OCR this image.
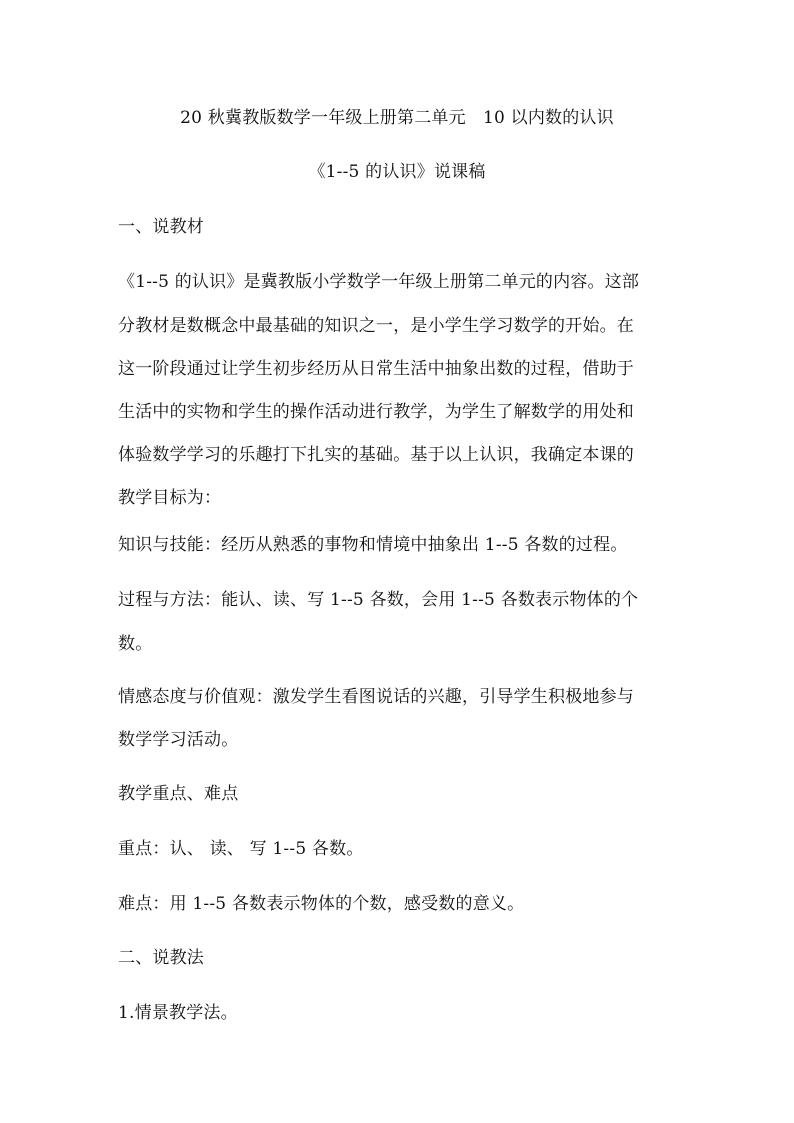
20 秋冀教版数学一年级上册第二单元　10 以内数的认识
《1--5 的认识》说课稿
一、说教材
《1--5 的认识》是冀教版小学数学一年级上册第二单元的内容。这部
分教材是数概念中最基础的知识之一，是小学生学习数学的开始。在
这一阶段通过让学生初步经历从日常生活中抽象出数的过程，借助于
生活中的实物和学生的操作活动进行教学，为学生了解数学的用处和
体验数学学习的乐趣打下扎实的基础。基于以上认识，我确定本课的
教学目标为：
知识与技能：经历从熟悉的事物和情境中抽象出 1--5 各数的过程。
过程与方法：能认、读、写 1--5 各数，会用 1--5 各数表示物体的个
数。
情感态度与价值观：激发学生看图说话的兴趣，引导学生积极地参与
数学学习活动。
教学重点、难点
重点：认、 读、 写 1--5 各数。
难点：用 1--5 各数表示物体的个数，感受数的意义。
二、说教法
1.情景教学法。
